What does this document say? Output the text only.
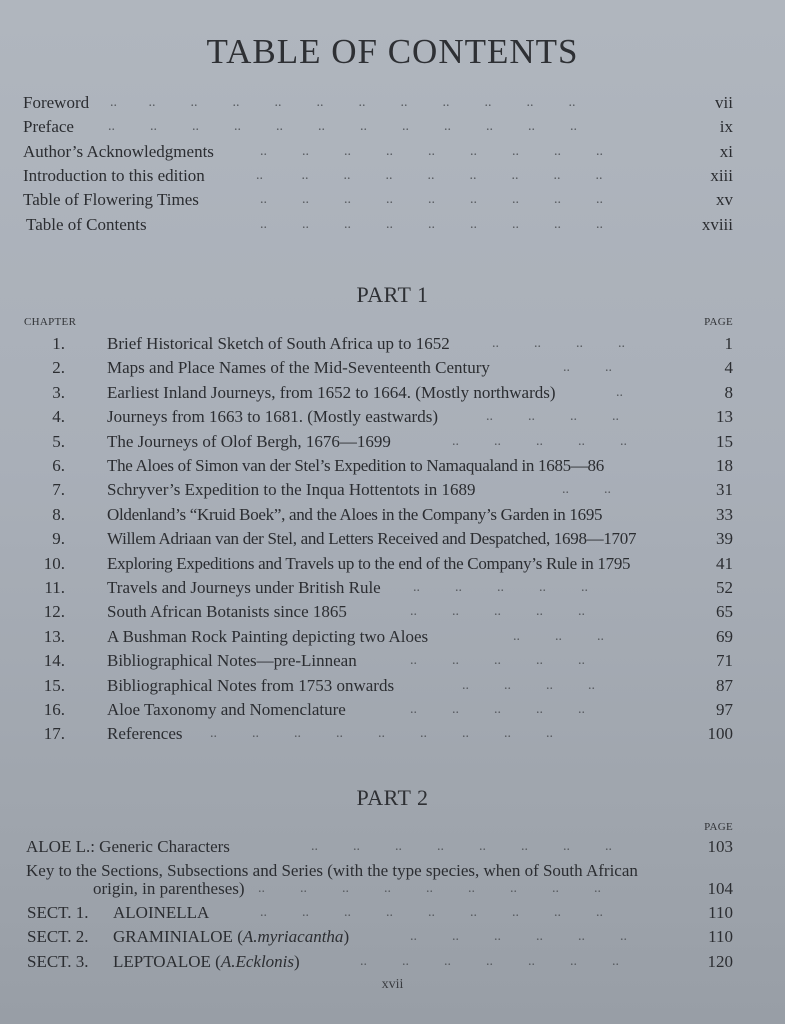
TABLE OF CONTENTS
Foreword ..         ..          ..          ..          ..          ..          ..          ..          ..          ..          ..          ..	vii
Preface ..          ..          ..          ..          ..          ..          ..          ..          ..          ..          ..          ..	ix
Author’s Acknowledgments	..          ..          ..          ..          ..          ..          ..          ..          ..	xi
Introduction to this edition	..           ..          ..          ..          ..          ..          ..          ..          ..	xiii
Table of Flowering Times	..          ..          ..          ..          ..          ..          ..          ..          ..	xv
Table of Contents	..          ..          ..          ..          ..          ..          ..          ..          ..	xviii
PART 1
CHAPTER	PAGE
1. Brief Historical Sketch of South Africa up to 1652	..          ..          ..          ..	1
2. Maps and Place Names of the Mid-Seventeenth Century	..          ..	4
3. Earliest Inland Journeys, from 1652 to 1664. (Mostly northwards)	..	8
4. Journeys from 1663 to 1681. (Mostly eastwards)	..          ..          ..          ..	13
5. The Journeys of Olof Bergh, 1676—1699	..          ..          ..          ..          ..	15
6. The Aloes of Simon van der Stel’s Expedition to Namaqualand in 1685—86	18
7. Schryver’s Expedition to the Inqua Hottentots in 1689	..          ..	31
8. Oldenland’s “Kruid Boek”, and the Aloes in the Company’s Garden in 1695	33
9. Willem Adriaan van der Stel, and Letters Received and Despatched, 1698—1707	39
10. Exploring Expeditions and Travels up to the end of the Company’s Rule in 1795	41
11. Travels and Journeys under British Rule ..          ..          ..          ..          ..	52
12. South African Botanists since 1865	..          ..          ..          ..          ..	65
13. A Bushman Rock Painting depicting two Aloes	..          ..          ..	69
14. Bibliographical Notes—pre-Linnean	..          ..          ..          ..          ..	71
15. Bibliographical Notes from 1753 onwards	..          ..          ..          ..	87
16. Aloe Taxonomy and Nomenclature	..          ..          ..          ..          ..	97
17. References ..          ..          ..          ..          ..          ..          ..          ..          ..	100
PART 2
PAGE
ALOE L.: Generic Characters	..          ..          ..          ..          ..          ..          ..          ..	103
Key to the Sections, Subsections and Series (with the type species, when of South African
origin, in parentheses) ..          ..          ..          ..          ..          ..          ..          ..          ..	104
SECT. 1. ALOINELLA	..          ..          ..          ..          ..          ..          ..          ..          ..	110
SECT. 2. GRAMINIALOE (A.myriacantha)	..          ..          ..          ..          ..          ..	110
SECT. 3. LEPTOALOE (A.Ecklonis)	..          ..          ..          ..          ..          ..          ..	120
xvii
